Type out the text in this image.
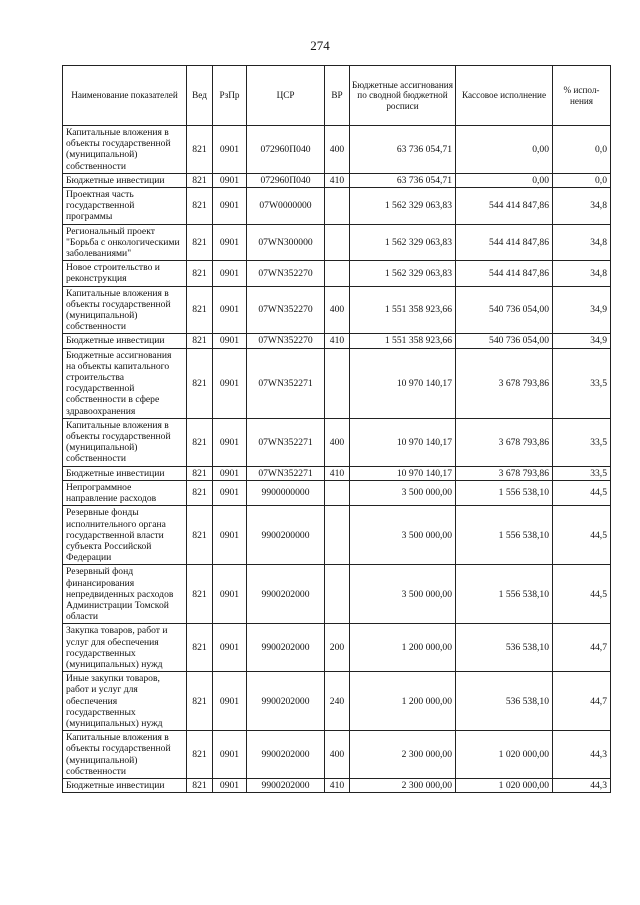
274
Наименование показателей	Вед	РзПр	ЦСР	ВР	Бюджетные ассигнования по сводной бюджетной росписи	Кассовое исполнение	% испол-нения
Капитальные вложения в объекты государственной (муниципальной) собственности	821	0901	072960П040	400	63 736 054,71	0,00	0,0
Бюджетные инвестиции	821	0901	072960П040	410	63 736 054,71	0,00	0,0
Проектная часть государственной программы	821	0901	07W0000000		1 562 329 063,83	544 414 847,86	34,8
Региональный проект "Борьба с онкологическими заболеваниями"	821	0901	07WN300000		1 562 329 063,83	544 414 847,86	34,8
Новое строительство и реконструкция	821	0901	07WN352270		1 562 329 063,83	544 414 847,86	34,8
Капитальные вложения в объекты государственной (муниципальной) собственности	821	0901	07WN352270	400	1 551 358 923,66	540 736 054,00	34,9
Бюджетные инвестиции	821	0901	07WN352270	410	1 551 358 923,66	540 736 054,00	34,9
Бюджетные ассигнования на объекты капитального строительства государственной собственности в сфере здравоохранения	821	0901	07WN352271		10 970 140,17	3 678 793,86	33,5
Капитальные вложения в объекты государственной (муниципальной) собственности	821	0901	07WN352271	400	10 970 140,17	3 678 793,86	33,5
Бюджетные инвестиции	821	0901	07WN352271	410	10 970 140,17	3 678 793,86	33,5
Непрограммное направление расходов	821	0901	9900000000		3 500 000,00	1 556 538,10	44,5
Резервные фонды исполнительного органа государственной власти субъекта Российской Федерации	821	0901	9900200000		3 500 000,00	1 556 538,10	44,5
Резервный фонд финансирования непредвиденных расходов Администрации Томской области	821	0901	9900202000		3 500 000,00	1 556 538,10	44,5
Закупка товаров, работ и услуг для обеспечения государственных (муниципальных) нужд	821	0901	9900202000	200	1 200 000,00	536 538,10	44,7
Иные закупки товаров, работ и услуг для обеспечения государственных (муниципальных) нужд	821	0901	9900202000	240	1 200 000,00	536 538,10	44,7
Капитальные вложения в объекты государственной (муниципальной) собственности	821	0901	9900202000	400	2 300 000,00	1 020 000,00	44,3
Бюджетные инвестиции	821	0901	9900202000	410	2 300 000,00	1 020 000,00	44,3
